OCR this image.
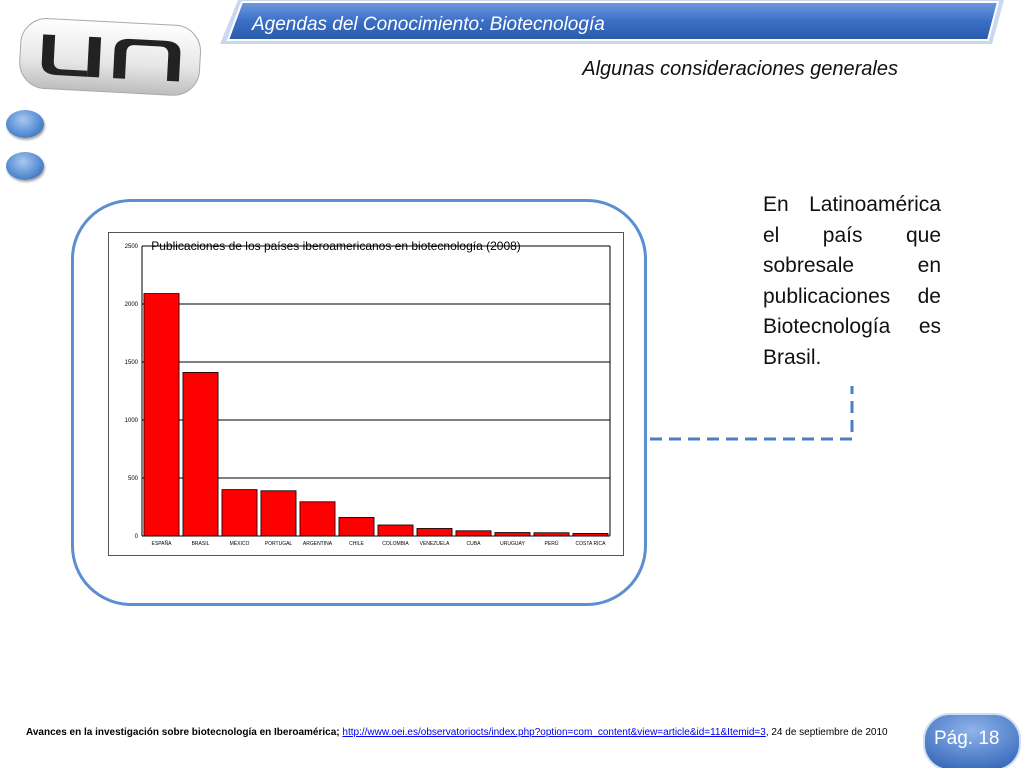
Agendas del Conocimiento: Biotecnología
Algunas consideraciones generales
0
500
1000
1500
2000
2500
ESPAÑA	BRASIL	MÉXICO	PORTUGAL ARGENTINA	CHILE	COLOMBIA VENEZUELA	CUBA	URUGUAY	PERÚ	COSTA RICA
Publicaciones de los países iberoamericanos en biotecnología (2008)
En Latinoamérica el país que sobresale en publicaciones de Biotecnología es Brasil.
Avances en la investigación sobre biotecnología en Iberoamérica; http://www.oei.es/observatoriocts/index.php?option=com_content&view=article&id=11&Itemid=3, 24 de septiembre de 2010	Pág. 18
